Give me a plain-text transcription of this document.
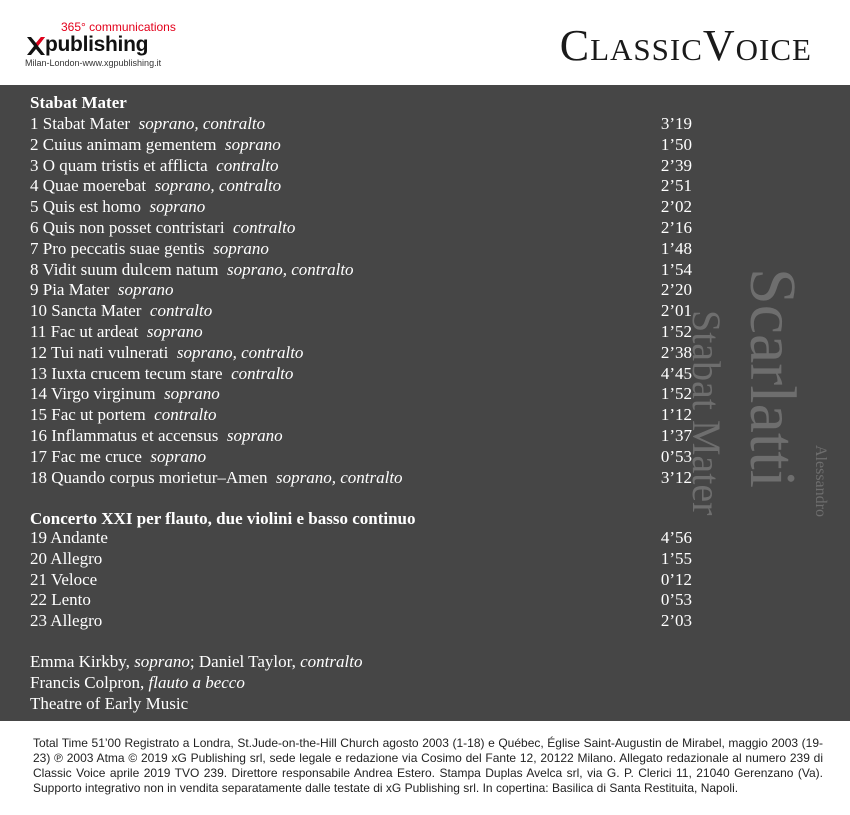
365° communications
publishing
Milan-London-www.xgpublishing.it	ClassicVoice
Stabat Mater
1 Stabat Mater soprano, contralto	3’19
2 Cuius animam gementem soprano	1’50
3 O quam tristis et afflicta contralto	2’39
4 Quae moerebat soprano, contralto	2’51
5 Quis est homo soprano	2’02
6 Quis non posset contristari contralto	2’16
7 Pro peccatis suae gentis soprano	1’48
8 Vidit suum dulcem natum soprano, contralto	1’54
9 Pia Mater soprano	2’20
10 Sancta Mater contralto	2’01
11 Fac ut ardeat soprano	1’52
12 Tui nati vulnerati soprano, contralto	2’38
13 Iuxta crucem tecum stare contralto	4’45
14 Virgo virginum soprano	1’52
15 Fac ut portem contralto	1’12
16 Inflammatus et accensus soprano	1’37
17 Fac me cruce soprano	0’53
18 Quando corpus morietur–Amen soprano, contralto	3’12
Concerto XXI per flauto, due violini e basso continuo
19 Andante	4’56
20 Allegro	1’55
21 Veloce	0’12
22 Lento	0’53
23 Allegro	2’03
Emma Kirkby, soprano; Daniel Taylor, contralto
Francis Colpron, flauto a becco
Theatre of Early Music
Alessandro
Scarlatti
Stabat Mater
Total Time 51’00 Registrato a Londra, St.Jude-on-the-Hill Church agosto 2003 (1-18) e Québec, Église Saint-Augustin de Mirabel, maggio 2003 (19-23) ℗ 2003 Atma © 2019 xG Publishing srl, sede legale e redazione via Cosimo del Fante 12, 20122 Milano. Allegato redazionale al numero 239 di Classic Voice aprile 2019 TVO 239. Direttore responsabile Andrea Estero. Stampa Duplas Avelca srl, via G. P. Clerici 11, 21040 Gerenzano (Va). Supporto integrativo non in vendita separatamente dalle testate di xG Publishing srl. In copertina: Basilica di Santa Restituita, Napoli.
